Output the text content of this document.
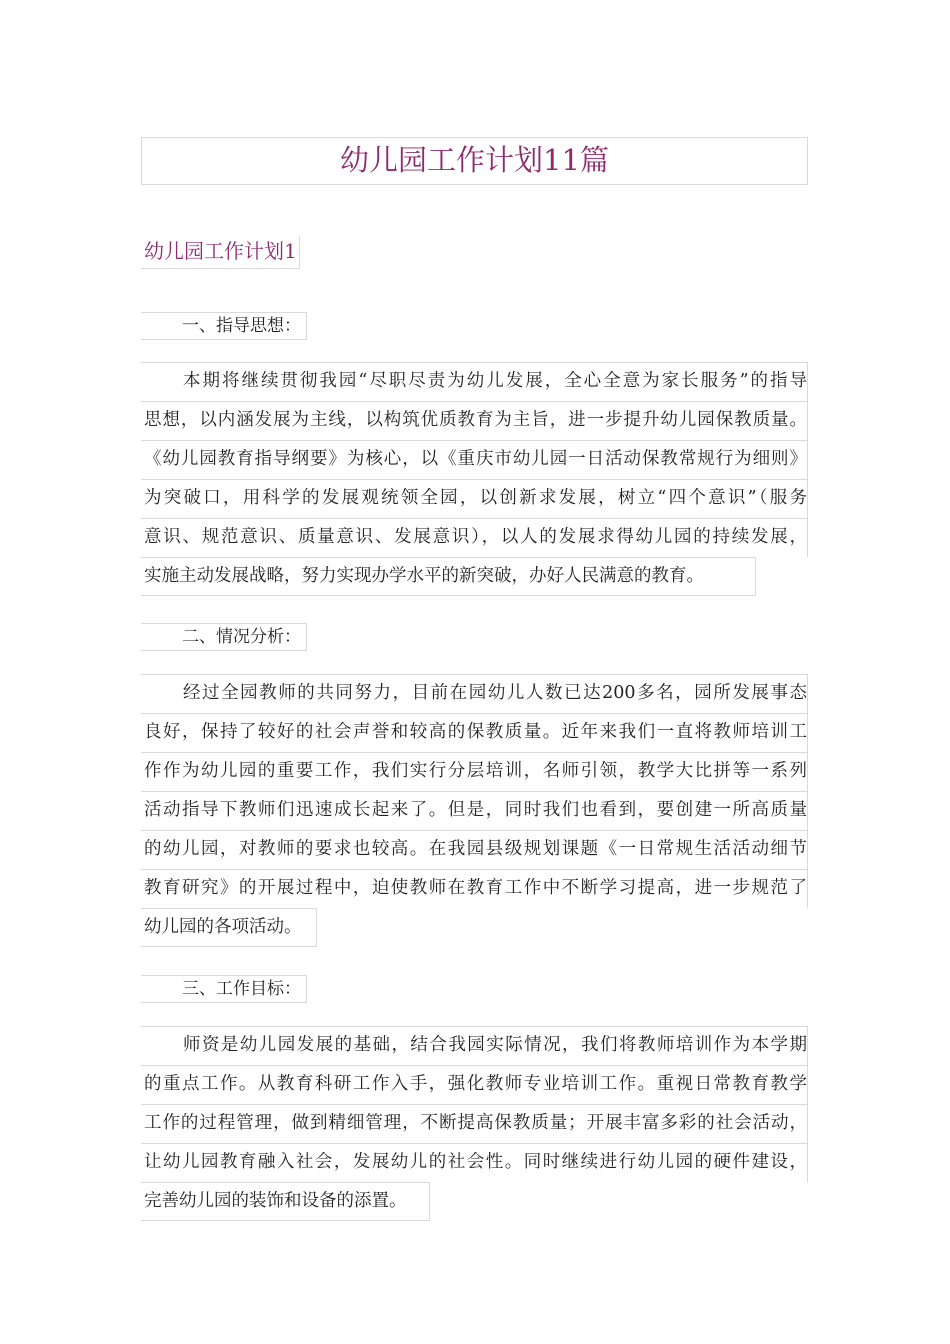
幼儿园工作计划11篇
幼儿园工作计划1
一、指导思想：
本期将继续贯彻我园“尽职尽责为幼儿发展，全心全意为家长服务”的指导
思想，以内涵发展为主线，以构筑优质教育为主旨，进一步提升幼儿园保教质量。
《幼儿园教育指导纲要》为核心，以《重庆市幼儿园一日活动保教常规行为细则》
为突破口，用科学的发展观统领全园，以创新求发展，树立“四个意识”（服务
意识、规范意识、质量意识、发展意识），以人的发展求得幼儿园的持续发展，
实施主动发展战略，努力实现办学水平的新突破，办好人民满意的教育。
二、情况分析：
经过全园教师的共同努力，目前在园幼儿人数已达200多名，园所发展事态
良好，保持了较好的社会声誉和较高的保教质量。近年来我们一直将教师培训工
作作为幼儿园的重要工作，我们实行分层培训，名师引领，教学大比拼等一系列
活动指导下教师们迅速成长起来了。但是，同时我们也看到，要创建一所高质量
的幼儿园，对教师的要求也较高。在我园县级规划课题《一日常规生活活动细节
教育研究》的开展过程中，迫使教师在教育工作中不断学习提高，进一步规范了
幼儿园的各项活动。
三、工作目标：
师资是幼儿园发展的基础，结合我园实际情况，我们将教师培训作为本学期
的重点工作。从教育科研工作入手，强化教师专业培训工作。重视日常教育教学
工作的过程管理，做到精细管理，不断提高保教质量；开展丰富多彩的社会活动，
让幼儿园教育融入社会，发展幼儿的社会性。同时继续进行幼儿园的硬件建设，
完善幼儿园的装饰和设备的添置。
